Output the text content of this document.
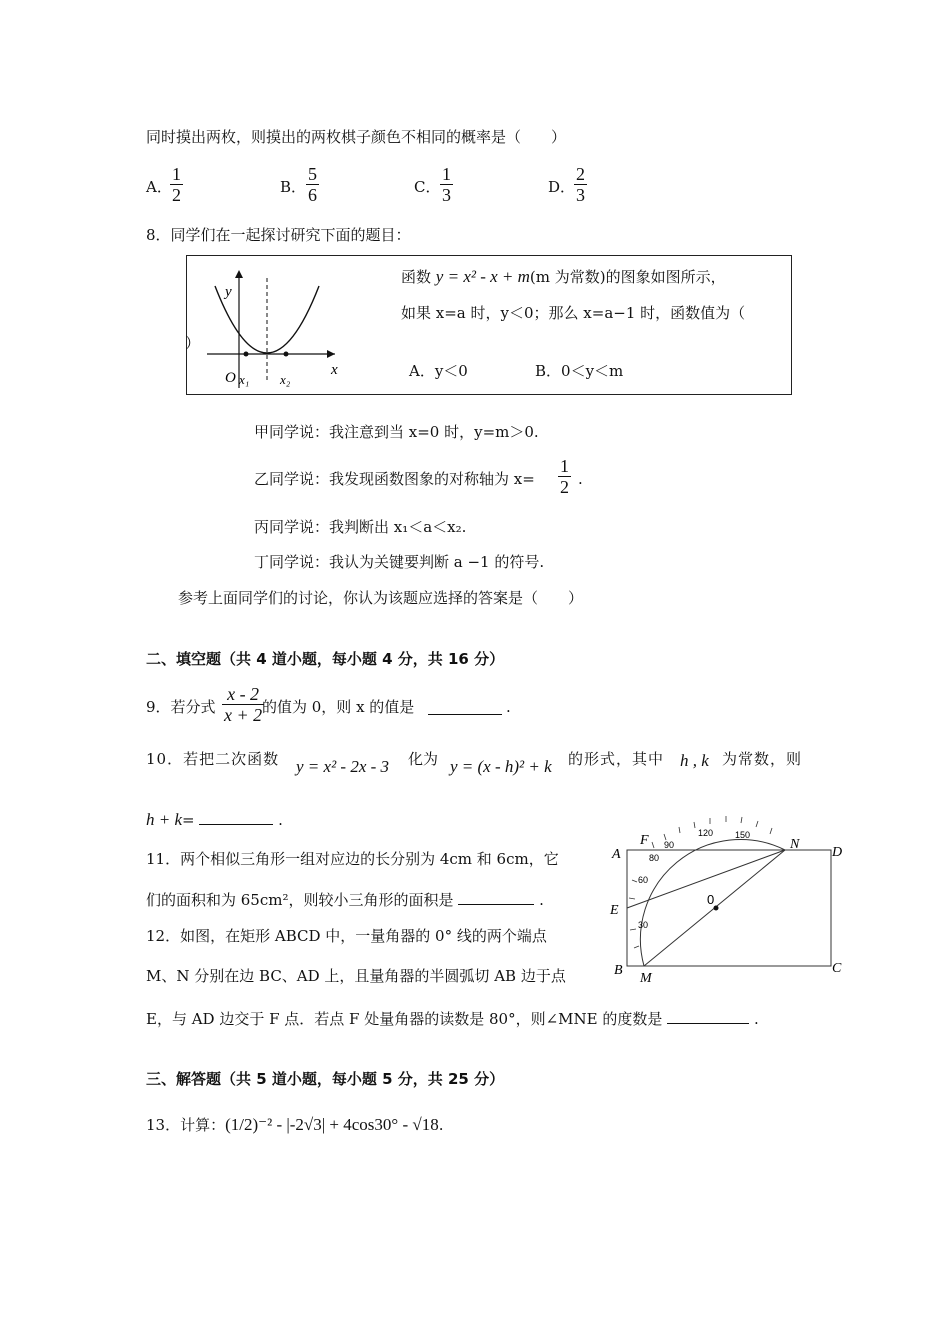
同时摸出两枚，则摸出的两枚棋子颜色不相同的概率是（　　）
A．
$\frac{1}{2}$	B． $\frac{5}{6}$	C． $\frac{1}{3}$	D．
$\frac{2}{3}$
8．同学们在一起探讨研究下面的题目：
y
x
O x₁ x₂
）
函数 y = x² - x + m(m 为常数)的图象如图所示，
如果 x=a 时，y＜0；那么 x=a−1 时，函数值为（
A．y＜0	B．0＜y＜m
甲同学说：我注意到当 x=0 时，y=m＞0.
乙同学说：我发现函数图象的对称轴为 $x= \frac{1}{2}$ .
丙同学说：我判断出 x₁＜a＜x₂.
丁同学说：我认为关键要判断 a −1 的符号.
参考上面同学们的讨论，你认为该题应选择的答案是（　　）
二、填空题（共 4 道小题，每小题 4 分，共 16 分）
9．若分式 $\frac{x - 2}{x + 2}$
的值为 0，则 x 的值是	.
10．若把二次函数 y = x² - 2x - 3 化为 y = (x - h)² + k 的形式，其中 h , k 为常数，则
h + k=	.
11．两个相似三角形一组对应边的长分别为 4cm 和 6cm，它
们的面积和为 65cm²，则较小三角形的面积是	.
12．如图，在矩形 ABCD 中，一量角器的 0° 线的两个端点
M、N 分别在边 BC、AD 上，且量角器的半圆弧切 AB 边于点
E，与 AD 边交于 F 点．若点 F 处量角器的读数是 80°，则∠MNE 的度数是	.
A
B	C
D
E
F
M
N
0
30
60
80
90
120 150
三、解答题（共 5 道小题，每小题 5 分，共 25 分）
13．计算：(1/2)⁻² - |-2√3| + 4cos30° - √18.
